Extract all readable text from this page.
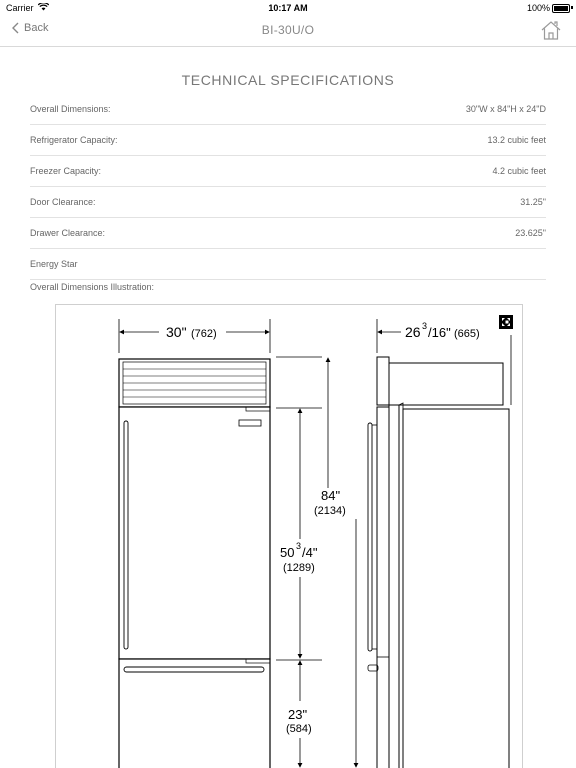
Carrier	10:17 AM	100%
Back	BI-30U/O
TECHNICAL SPECIFICATIONS
Overall Dimensions:	30"W x 84"H x 24"D
Refrigerator Capacity:	13.2 cubic feet
Freezer Capacity:	4.2 cubic feet
Door Clearance:	31.25"
Drawer Clearance:	23.625"
Energy Star
Overall Dimensions Illustration:
30" (762)	26 3 /16" (665)
84"
(2134)
50 3 /4"
(1289)
23"
(584)
